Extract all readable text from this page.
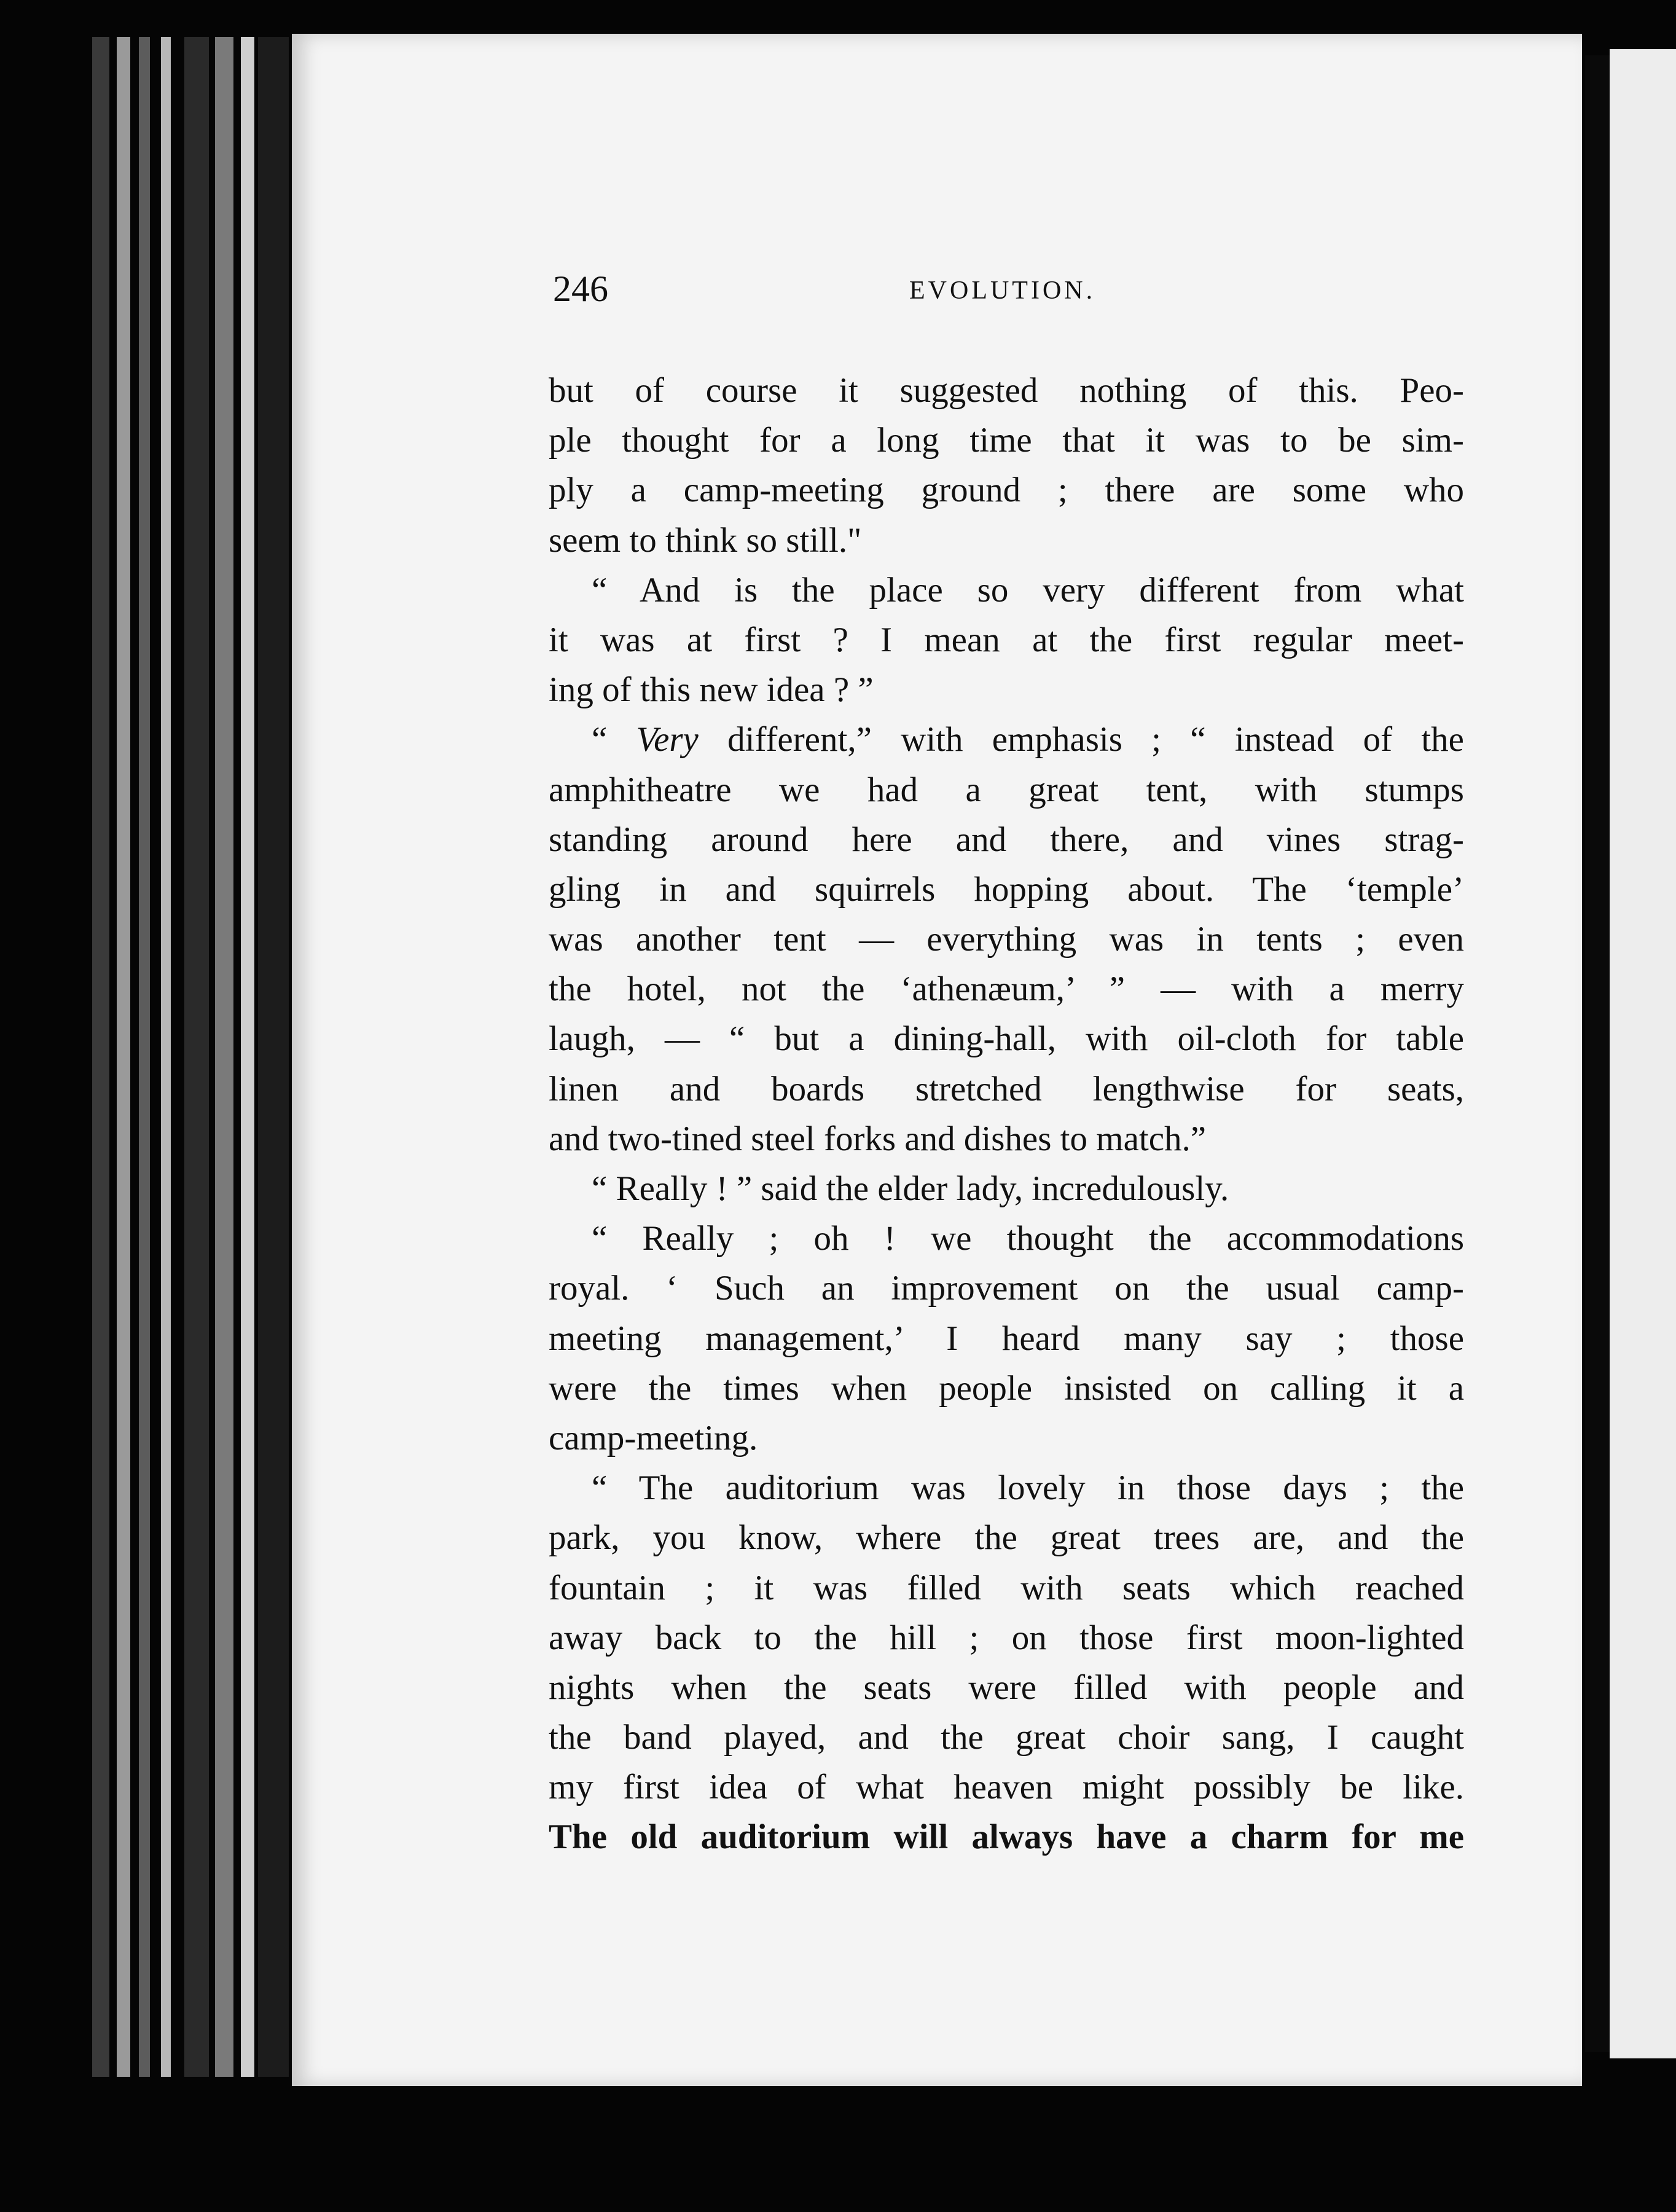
246	EVOLUTION.
but of course it suggested nothing of this. Peo-
ple thought for a long time that it was to be sim-
ply a camp-meeting ground ; there are some who
seem to think so still."
“ And is the place so very different from what
it was at first ? I mean at the first regular meet-
ing of this new idea ? ”
“ Very different,” with emphasis ; “ instead of the
amphitheatre we had a great tent, with stumps
standing around here and there, and vines strag-
gling in and squirrels hopping about. The ‘temple’
was another tent — everything was in tents ; even
the hotel, not the ‘athenæum,’ ” — with a merry
laugh, — “ but a dining-hall, with oil-cloth for table
linen and boards stretched lengthwise for seats,
and two-tined steel forks and dishes to match.”
“ Really ! ” said the elder lady, incredulously.
“ Really ; oh ! we thought the accommodations
royal. ‘ Such an improvement on the usual camp-
meeting management,’ I heard many say ; those
were the times when people insisted on calling it a
camp-meeting.
“ The auditorium was lovely in those days ; the
park, you know, where the great trees are, and the
fountain ; it was filled with seats which reached
away back to the hill ; on those first moon-lighted
nights when the seats were filled with people and
the band played, and the great choir sang, I caught
my first idea of what heaven might possibly be like.
The old auditorium will always have a charm for me
